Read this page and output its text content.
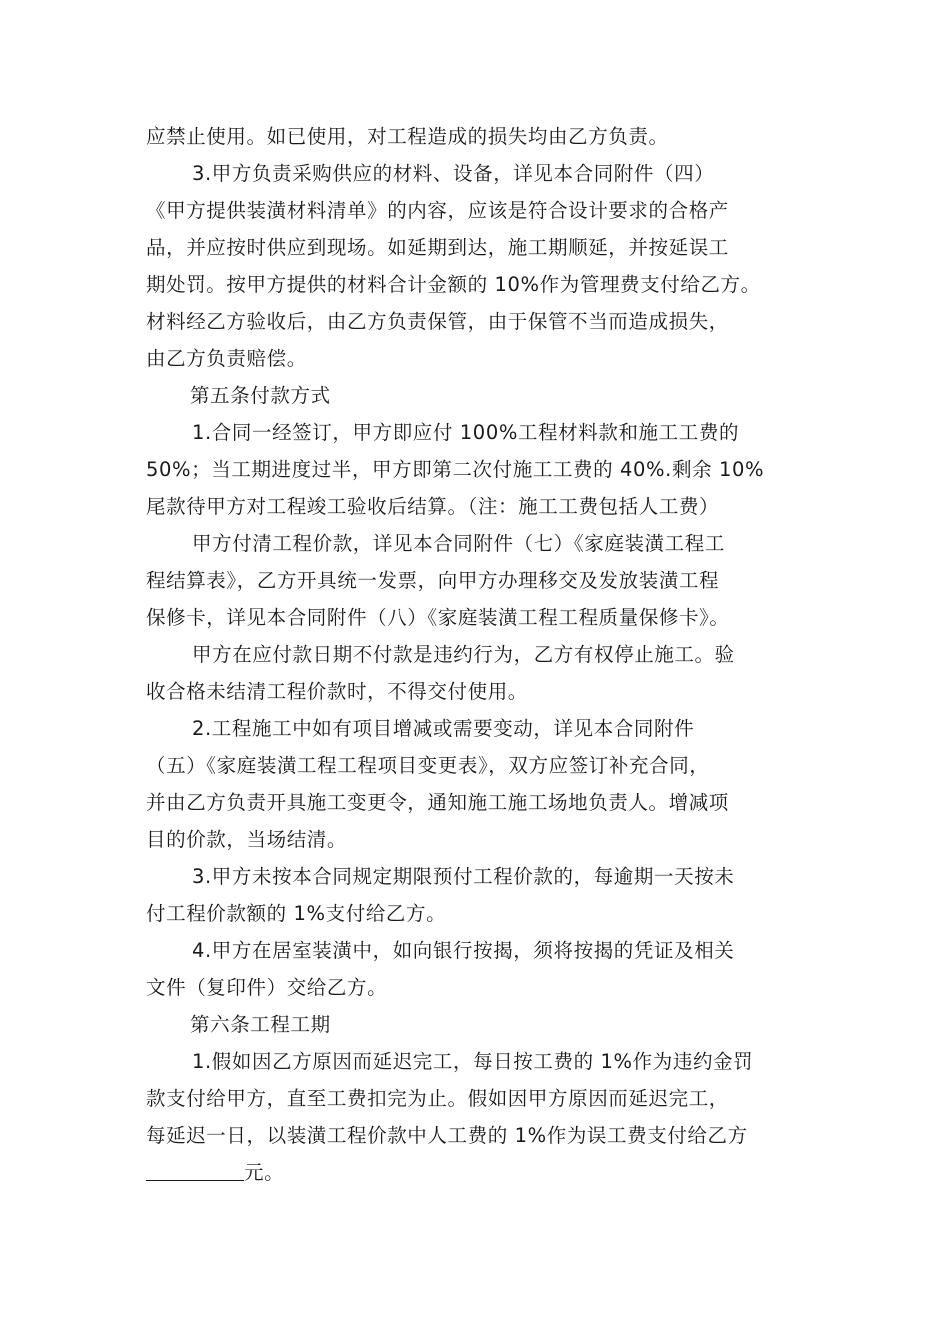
应禁止使用。如已使用，对工程造成的损失均由乙方负责。
3.甲方负责采购供应的材料、设备，详见本合同附件（四）
《甲方提供装潢材料清单》的内容，应该是符合设计要求的合格产
品，并应按时供应到现场。如延期到达，施工期顺延，并按延误工
期处罚。按甲方提供的材料合计金额的 10%作为管理费支付给乙方。
材料经乙方验收后，由乙方负责保管，由于保管不当而造成损失，
由乙方负责赔偿。
第五条付款方式
1.合同一经签订，甲方即应付 100%工程材料款和施工工费的
50%；当工期进度过半，甲方即第二次付施工工费的 40%.剩余 10%
尾款待甲方对工程竣工验收后结算。（注：施工工费包括人工费）
甲方付清工程价款，详见本合同附件（七）《家庭装潢工程工
程结算表》，乙方开具统一发票，向甲方办理移交及发放装潢工程
保修卡，详见本合同附件（八）《家庭装潢工程工程质量保修卡》。
甲方在应付款日期不付款是违约行为，乙方有权停止施工。验
收合格未结清工程价款时，不得交付使用。
2.工程施工中如有项目增减或需要变动，详见本合同附件
（五）《家庭装潢工程工程项目变更表》，双方应签订补充合同，
并由乙方负责开具施工变更令，通知施工施工场地负责人。增减项
目的价款，当场结清。
3.甲方未按本合同规定期限预付工程价款的，每逾期一天按未
付工程价款额的 1%支付给乙方。
4.甲方在居室装潢中，如向银行按揭，须将按揭的凭证及相关
文件（复印件）交给乙方。
第六条工程工期
1.假如因乙方原因而延迟完工，每日按工费的 1%作为违约金罚
款支付给甲方，直至工费扣完为止。假如因甲方原因而延迟完工，
每延迟一日，以装潢工程价款中人工费的 1%作为误工费支付给乙方
元。
